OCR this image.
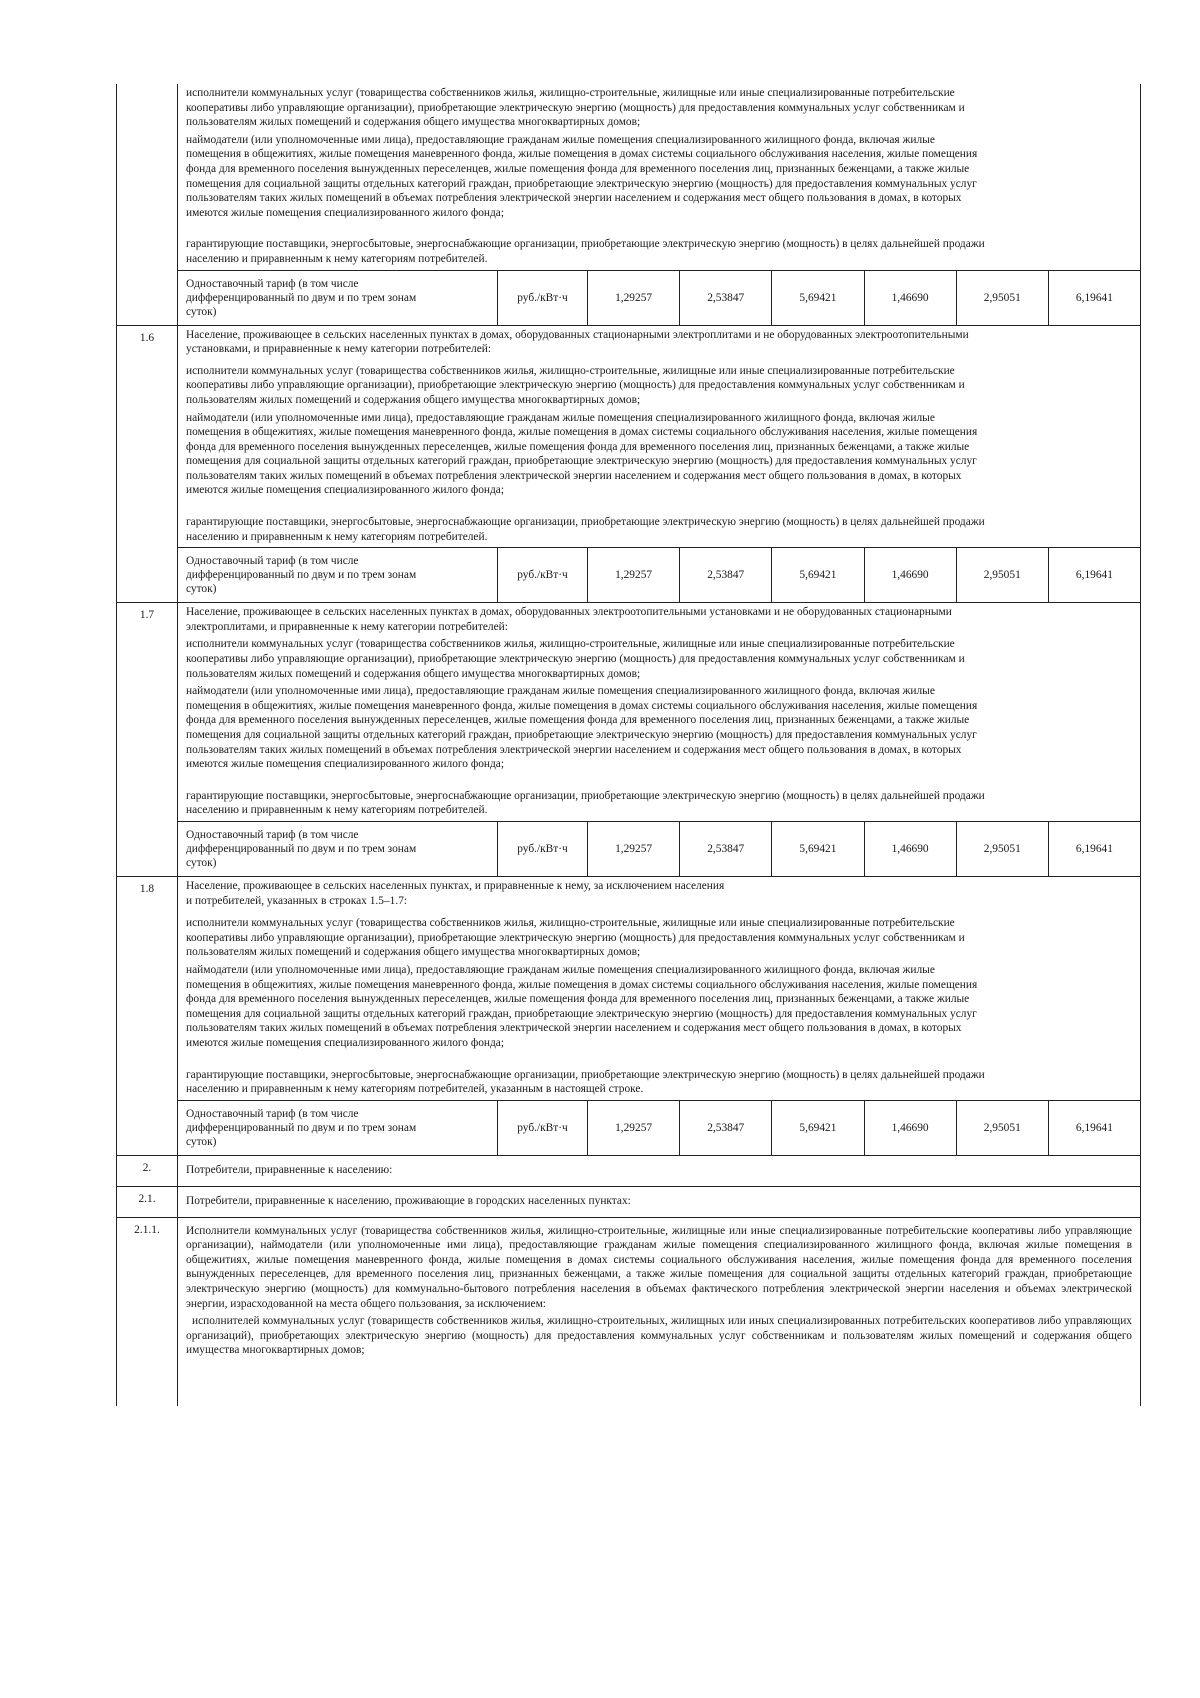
исполнители коммунальных услуг (товарищества собственников жилья, жилищно-строительные, жилищные или иные специализированные потребительские
кооперативы либо управляющие организации), приобретающие электрическую энергию (мощность) для предоставления коммунальных услуг собственникам и
пользователям жилых помещений и содержания общего имущества многоквартирных домов;
наймодатели (или уполномоченные ими лица), предоставляющие гражданам жилые помещения специализированного жилищного фонда, включая жилые
помещения в общежитиях, жилые помещения маневренного фонда, жилые помещения в домах системы социального обслуживания населения, жилые помещения
фонда для временного поселения вынужденных переселенцев, жилые помещения фонда для временного поселения лиц, признанных беженцами, а также жилые
помещения для социальной защиты отдельных категорий граждан, приобретающие электрическую энергию (мощность) для предоставления коммунальных услуг
пользователям таких жилых помещений в объемах потребления электрической энергии населением и содержания мест общего пользования в домах, в которых
имеются жилые помещения специализированного жилого фонда;
гарантирующие поставщики, энергосбытовые, энергоснабжающие организации, приобретающие электрическую энергию (мощность) в целях дальнейшей продажи
населению и приравненным к нему категориям потребителей.
Одноставочный тариф (в том числе
дифференцированный по двум и по трем зонам
суток)
руб./кВт·ч	1,29257	2,53847	5,69421	1,46690	2,95051	6,19641
1.6	Население, проживающее в сельских населенных пунктах в домах, оборудованных стационарными электроплитами и не оборудованных электроотопительными
установками, и приравненные к нему категории потребителей:
исполнители коммунальных услуг (товарищества собственников жилья, жилищно-строительные, жилищные или иные специализированные потребительские
кооперативы либо управляющие организации), приобретающие электрическую энергию (мощность) для предоставления коммунальных услуг собственникам и
пользователям жилых помещений и содержания общего имущества многоквартирных домов;
наймодатели (или уполномоченные ими лица), предоставляющие гражданам жилые помещения специализированного жилищного фонда, включая жилые
помещения в общежитиях, жилые помещения маневренного фонда, жилые помещения в домах системы социального обслуживания населения, жилые помещения
фонда для временного поселения вынужденных переселенцев, жилые помещения фонда для временного поселения лиц, признанных беженцами, а также жилые
помещения для социальной защиты отдельных категорий граждан, приобретающие электрическую энергию (мощность) для предоставления коммунальных услуг
пользователям таких жилых помещений в объемах потребления электрической энергии населением и содержания мест общего пользования в домах, в которых
имеются жилые помещения специализированного жилого фонда;
гарантирующие поставщики, энергосбытовые, энергоснабжающие организации, приобретающие электрическую энергию (мощность) в целях дальнейшей продажи
населению и приравненным к нему категориям потребителей.
Одноставочный тариф (в том числе
дифференцированный по двум и по трем зонам
суток)
руб./кВт·ч	1,29257	2,53847	5,69421	1,46690	2,95051	6,19641
1.7	Население, проживающее в сельских населенных пунктах в домах, оборудованных электроотопительными установками и не оборудованных стационарными
электроплитами, и приравненные к нему категории потребителей:
исполнители коммунальных услуг (товарищества собственников жилья, жилищно-строительные, жилищные или иные специализированные потребительские
кооперативы либо управляющие организации), приобретающие электрическую энергию (мощность) для предоставления коммунальных услуг собственникам и
пользователям жилых помещений и содержания общего имущества многоквартирных домов;
наймодатели (или уполномоченные ими лица), предоставляющие гражданам жилые помещения специализированного жилищного фонда, включая жилые
помещения в общежитиях, жилые помещения маневренного фонда, жилые помещения в домах системы социального обслуживания населения, жилые помещения
фонда для временного поселения вынужденных переселенцев, жилые помещения фонда для временного поселения лиц, признанных беженцами, а также жилые
помещения для социальной защиты отдельных категорий граждан, приобретающие электрическую энергию (мощность) для предоставления коммунальных услуг
пользователям таких жилых помещений в объемах потребления электрической энергии населением и содержания мест общего пользования в домах, в которых
имеются жилые помещения специализированного жилого фонда;
гарантирующие поставщики, энергосбытовые, энергоснабжающие организации, приобретающие электрическую энергию (мощность) в целях дальнейшей продажи
населению и приравненным к нему категориям потребителей.
Одноставочный тариф (в том числе
дифференцированный по двум и по трем зонам
суток)
руб./кВт·ч	1,29257	2,53847	5,69421	1,46690	2,95051	6,19641
1.8	Население, проживающее в сельских населенных пунктах, и приравненные к нему, за исключением населения
и потребителей, указанных в строках 1.5–1.7:
исполнители коммунальных услуг (товарищества собственников жилья, жилищно-строительные, жилищные или иные специализированные потребительские
кооперативы либо управляющие организации), приобретающие электрическую энергию (мощность) для предоставления коммунальных услуг собственникам и
пользователям жилых помещений и содержания общего имущества многоквартирных домов;
наймодатели (или уполномоченные ими лица), предоставляющие гражданам жилые помещения специализированного жилищного фонда, включая жилые
помещения в общежитиях, жилые помещения маневренного фонда, жилые помещения в домах системы социального обслуживания населения, жилые помещения
фонда для временного поселения вынужденных переселенцев, жилые помещения фонда для временного поселения лиц, признанных беженцами, а также жилые
помещения для социальной защиты отдельных категорий граждан, приобретающие электрическую энергию (мощность) для предоставления коммунальных услуг
пользователям таких жилых помещений в объемах потребления электрической энергии населением и содержания мест общего пользования в домах, в которых
имеются жилые помещения специализированного жилого фонда;
гарантирующие поставщики, энергосбытовые, энергоснабжающие организации, приобретающие электрическую энергию (мощность) в целях дальнейшей продажи
населению и приравненным к нему категориям потребителей, указанным в настоящей строке.
Одноставочный тариф (в том числе
дифференцированный по двум и по трем зонам
суток)
руб./кВт·ч	1,29257	2,53847	5,69421	1,46690	2,95051	6,19641
2.	Потребители, приравненные к населению:
2.1.	Потребители, приравненные к населению, проживающие в городских населенных пунктах:
2.1.1.	Исполнители коммунальных услуг (товарищества собственников жилья, жилищно-строительные, жилищные или иные специализированные потребительские кооперативы либо управляющие организации), наймодатели (или уполномоченные ими лица), предоставляющие гражданам жилые помещения специализированного жилищного фонда, включая жилые помещения в общежитиях, жилые помещения маневренного фонда, жилые помещения в домах системы социального обслуживания населения, жилые помещения фонда для временного поселения вынужденных переселенцев, для временного поселения лиц, признанных беженцами, а также жилые помещения для социальной защиты отдельных категорий граждан, приобретающие электрическую энергию (мощность) для коммунально-бытового потребления населения в объемах фактического потребления электрической энергии населения и объемах электрической энергии, израсходованной на места общего пользования, за исключением:
исполнителей коммунальных услуг (товариществ собственников жилья, жилищно-строительных, жилищных или иных специализированных потребительских кооперативов либо управляющих организаций), приобретающих электрическую энергию (мощность) для предоставления коммунальных услуг собственникам и пользователям жилых помещений и содержания общего имущества многоквартирных домов;
